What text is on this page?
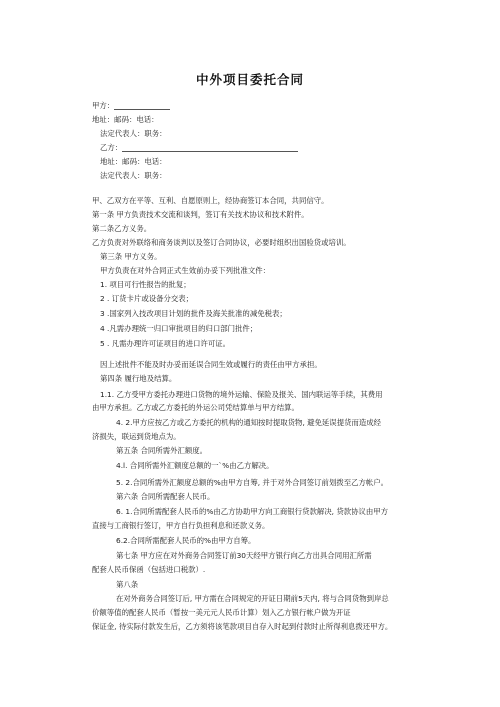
中外项目委托合同
甲方：
地址：邮码：电话：
法定代表人：职务：
乙方：
地址：邮码：电话：
法定代表人：职务：
甲、乙双方在平等、互利、自愿原则上，经协商签订本合同，共同信守。
第一条 甲方负责技术交流和谈判，签订有关技术协议和技术附件。
第二条乙方义务。
乙方负责对外联络和商务谈判以及签订合同协议，必要时组织出国验货或培训。
第三条 甲方义务。
甲方负责在对外合同正式生效前办妥下列批准文件：
1. 项目可行性报告的批复；
2 . 订货卡片或设备分交表；
3 .国家列入技改项目计划的批件及海关批准的减免税表；
4 .凡需办理统一归口审批项目的归口部门批件；
5 . 凡需办理许可证项目的进口许可证。
因上述批件不能及时办妥而延误合同生效或履行的责任由甲方承担。
第四条 履行地及结算。
1.1. 乙方受甲方委托办理进口货物的境外运输、保险及报关、国内联运等手续，其费用
由甲方承担。乙方或乙方委托的外运公司凭结算单与甲方结算。
4. 2.甲方应按乙方或乙方委托的机构的通知按时提取货物, 避免延误提货而造成经
济损失，联运到货地点为。
第五条 合同所需外汇额度。
4.l. 合同所需外汇额度总额的一`%由乙方解决。
5. 2.合同所需外汇额度总额的%由甲方自筹, 并于对外合同签订前划拨至乙方帐户。
第六条 合同所需配套人民币。
6. 1.合同所需配套人民币的%由乙方协助甲方向工商银行贷款解决, 贷款协议由甲方
直接与工商银行签订，甲方自行负担利息和还款义务。
6.2.合同所需配套人民币的%由甲方自筹。
第七条 甲方应在对外商务合同签订前30天经甲方银行向乙方出具合同用汇所需
配套人民币保函（包括进口税款）.
第八条
在对外商务合同签订后, 甲方需在合同规定的开证日期前5天内, 将与合同货物到岸总
价额等值的配套人民币（暂按一美元元人民币计算）划入乙方银行帐户做为开证
保证金, 待实际付款发生后，乙方须将该笔款项目自存入时起到付款时止所得利息拨还甲方。
